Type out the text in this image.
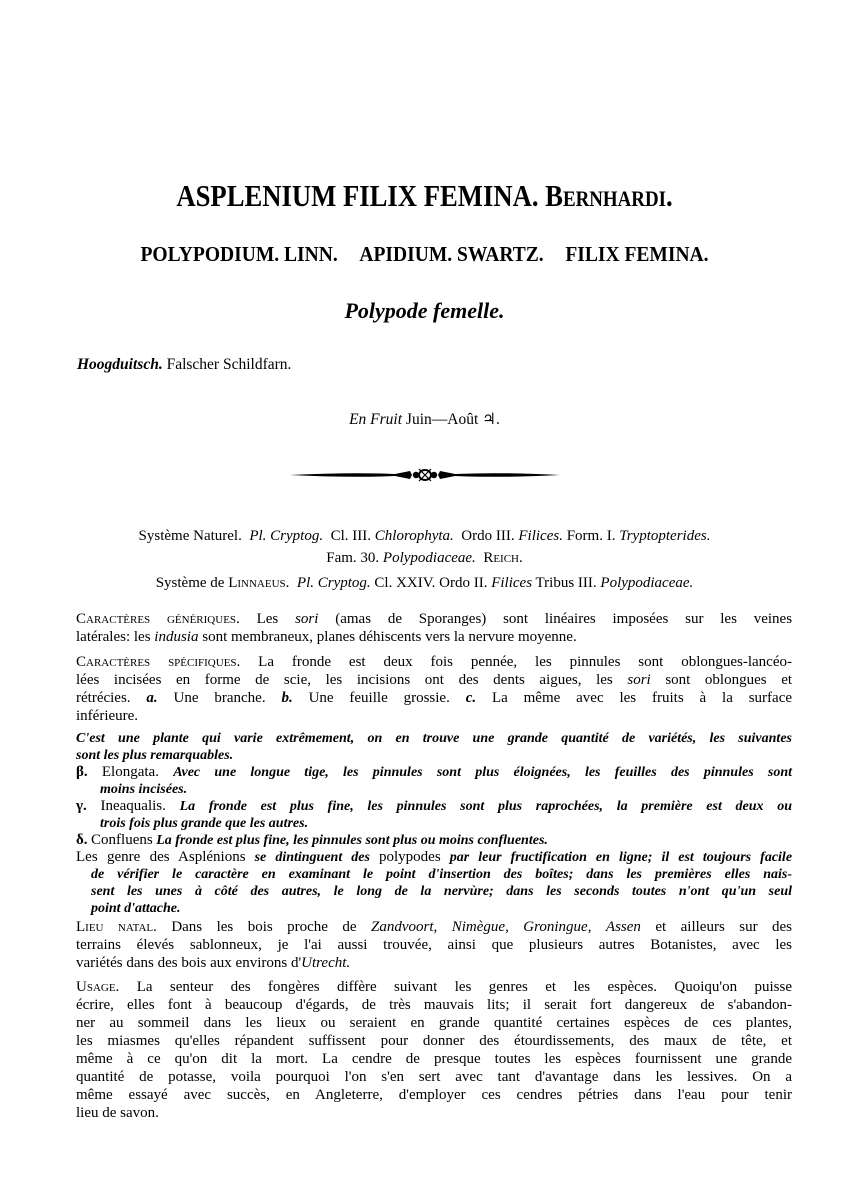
ASPLENIUM FILIX FEMINA. Bernhardi.
POLYPODIUM. LINN. APIDIUM. SWARTZ. FILIX FEMINA.
Polypode femelle.
Hoogduitsch. Falscher Schildfarn.
En Fruit Juin—Août ♃.
Système Naturel. Pl. Cryptog. Cl. III. Chlorophyta. Ordo III. Filices. Form. I. Tryptopterides.
Fam. 30. Polypodiaceae. Reich.
Système de Linnaeus. Pl. Cryptog. Cl. XXIV. Ordo II. Filices Tribus III. Polypodiaceae.
Caractères génériques. Les sori (amas de Sporanges) sont linéaires imposées sur les veines
latérales: les indusia sont membraneux, planes déhiscents vers la nervure moyenne.
Caractères spécifiques. La fronde est deux fois pennée, les pinnules sont oblongues-lancéo-
lées incisées en forme de scie, les incisions ont des dents aigues, les sori sont oblongues et
rétrécies. a. Une branche. b. Une feuille grossie. c. La même avec les fruits à la surface
inférieure.
C'est une plante qui varie extrêmement, on en trouve une grande quantité de variétés, les suivantes
sont les plus remarquables.
β. Elongata. Avec une longue tige, les pinnules sont plus éloignées, les feuilles des pinnules sont
moins incisées.
γ. Ineaqualis. La fronde est plus fine, les pinnules sont plus raprochées, la première est deux ou
trois fois plus grande que les autres.
δ. Confluens La fronde est plus fine, les pinnules sont plus ou moins confluentes.
Les genre des Asplénions se dintinguent des polypodes par leur fructification en ligne; il est toujours facile
de vérifier le caractère en examinant le point d'insertion des boîtes; dans les premières elles nais-
sent les unes à côté des autres, le long de la nervùre; dans les seconds toutes n'ont qu'un seul
point d'attache.
Lieu natal. Dans les bois proche de Zandvoort, Nimègue, Groningue, Assen et ailleurs sur des
terrains élevés sablonneux, je l'ai aussi trouvée, ainsi que plusieurs autres Botanistes, avec les
variétés dans des bois aux environs d'Utrecht.
Usage. La senteur des fongères diffère suivant les genres et les espèces. Quoiqu'on puisse
écrire, elles font à beaucoup d'égards, de très mauvais lits; il serait fort dangereux de s'abandon-
ner au sommeil dans les lieux ou seraient en grande quantité certaines espèces de ces plantes,
les miasmes qu'elles répandent suffissent pour donner des étourdissements, des maux de tête, et
même à ce qu'on dit la mort. La cendre de presque toutes les espèces fournissent une grande
quantité de potasse, voila pourquoi l'on s'en sert avec tant d'avantage dans les lessives. On a
même essayé avec succès, en Angleterre, d'employer ces cendres pétries dans l'eau pour tenir
lieu de savon.
